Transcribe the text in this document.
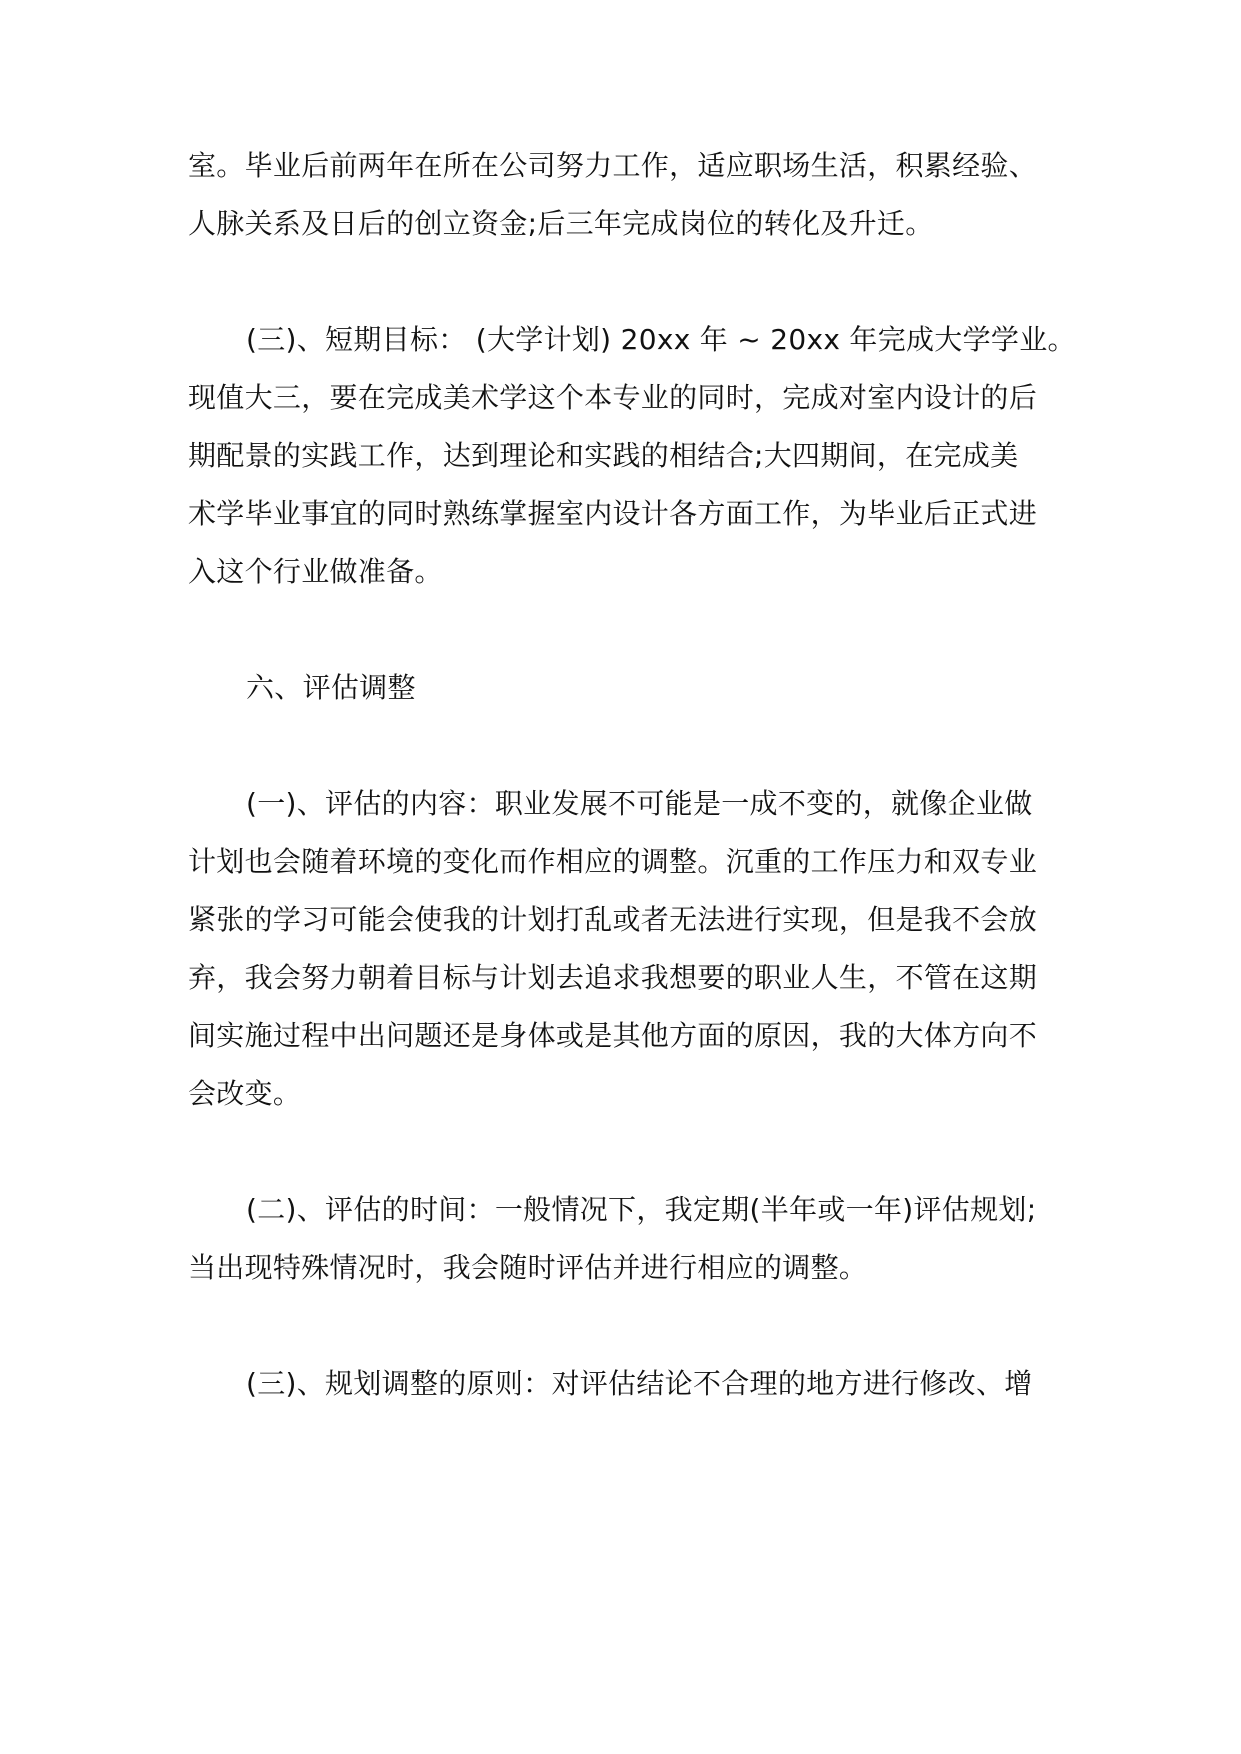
室。毕业后前两年在所在公司努力工作，适应职场生活，积累经验、
人脉关系及日后的创立资金;后三年完成岗位的转化及升迁。
(三)、短期目标： (大学计划) 20xx 年 ~ 20xx 年完成大学学业。
现值大三，要在完成美术学这个本专业的同时，完成对室内设计的后
期配景的实践工作，达到理论和实践的相结合;大四期间，在完成美
术学毕业事宜的同时熟练掌握室内设计各方面工作，为毕业后正式进
入这个行业做准备。
六、评估调整
(一)、评估的内容：职业发展不可能是一成不变的，就像企业做
计划也会随着环境的变化而作相应的调整。沉重的工作压力和双专业
紧张的学习可能会使我的计划打乱或者无法进行实现，但是我不会放
弃，我会努力朝着目标与计划去追求我想要的职业人生，不管在这期
间实施过程中出问题还是身体或是其他方面的原因，我的大体方向不
会改变。
(二)、评估的时间：一般情况下，我定期(半年或一年)评估规划;
当出现特殊情况时，我会随时评估并进行相应的调整。
(三)、规划调整的原则：对评估结论不合理的地方进行修改、增
